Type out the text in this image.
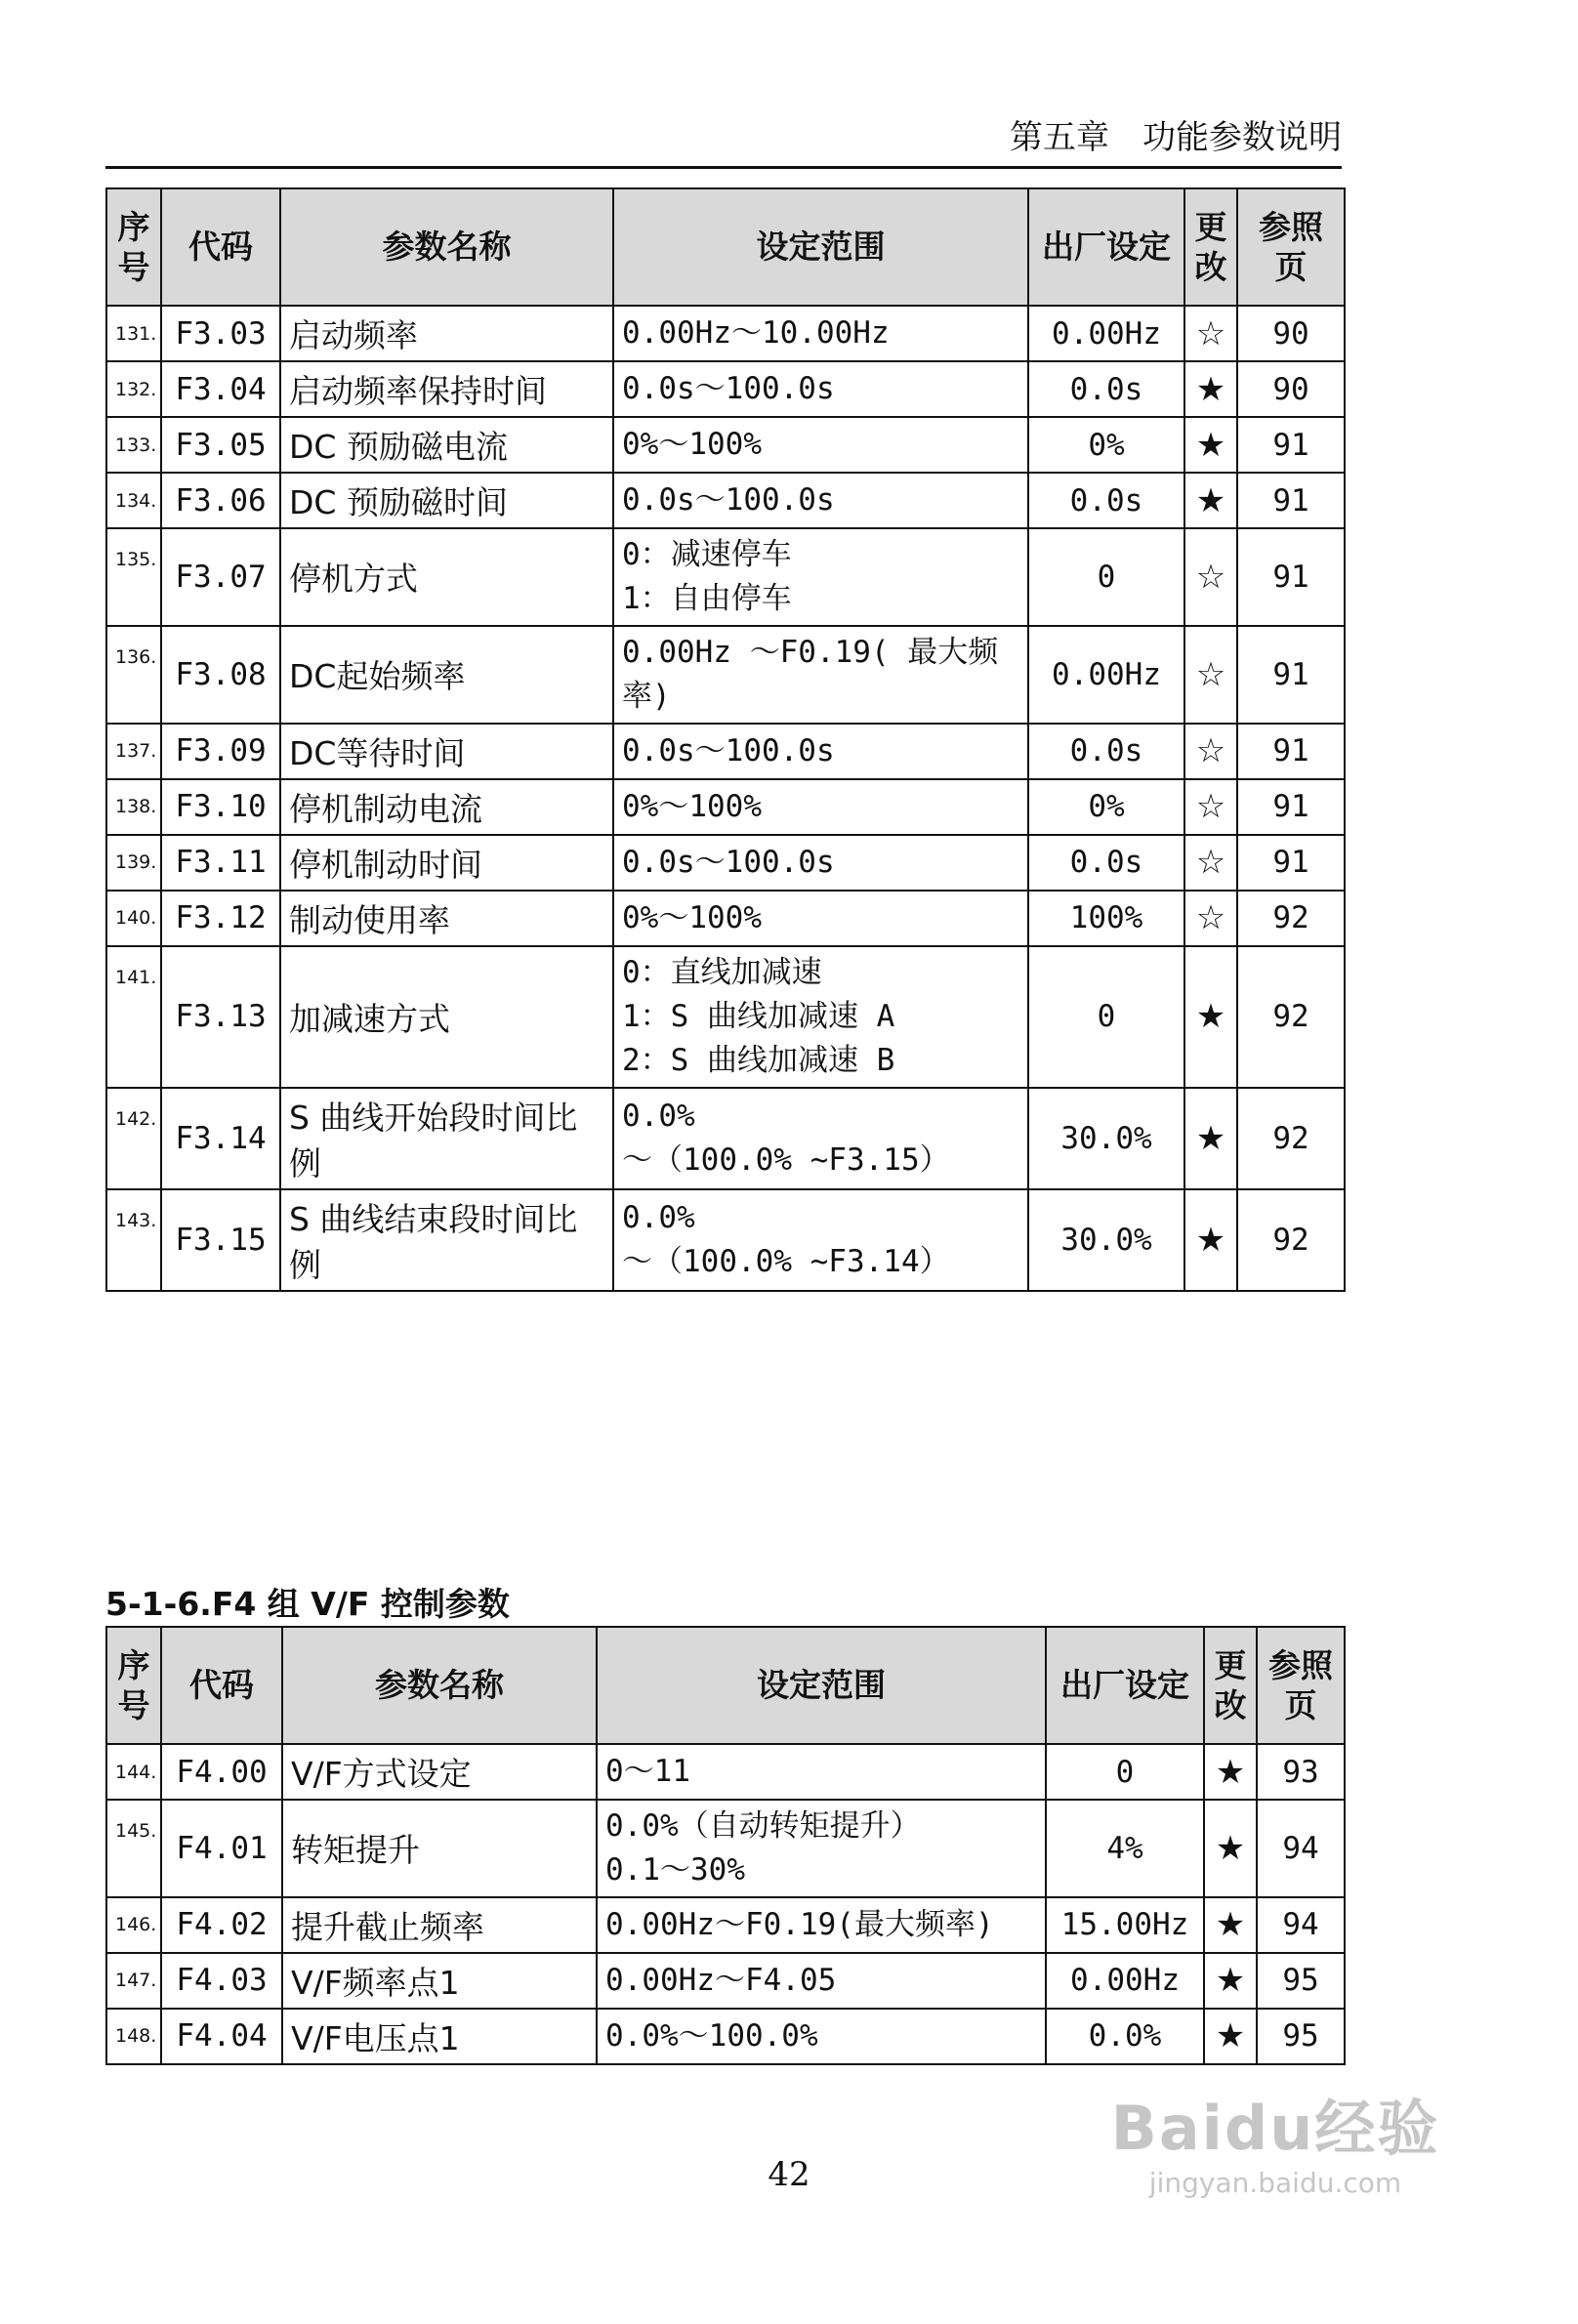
第五章　功能参数说明
序号	代码	参数名称	设定范围	出厂设定	更改	参照页
131.	F3.03	启动频率	0.00Hz～10.00Hz	0.00Hz	☆	90
132.	F3.04	启动频率保持时间	0.0s～100.0s	0.0s	★	90
133.	F3.05	DC 预励磁电流	0%～100%	0%	★	91
134.	F3.06	DC 预励磁时间	0.0s～100.0s	0.0s	★	91
135.	F3.07	停机方式	0：减速停车
1：自由停车	0	☆	91
136.	F3.08	DC起始频率	0.00Hz ～F0.19( 最大频率)	0.00Hz	☆	91
137.	F3.09	DC等待时间	0.0s～100.0s	0.0s	☆	91
138.	F3.10	停机制动电流	0%～100%	0%	☆	91
139.	F3.11	停机制动时间	0.0s～100.0s	0.0s	☆	91
140.	F3.12	制动使用率	0%～100%	100%	☆	92
141.	F3.13	加减速方式	0：直线加减速
1：S 曲线加减速 A
2：S 曲线加减速 B	0	★	92
142.	F3.14	S 曲线开始段时间比例	0.0%
～（100.0% ~F3.15）	30.0%	★	92
143.	F3.15	S 曲线结束段时间比例	0.0%
～（100.0% ~F3.14）	30.0%	★	92
5-1-6.F4 组 V/F 控制参数
序号	代码	参数名称	设定范围	出厂设定	更改	参照页
144.	F4.00	V/F方式设定	0～11	0	★	93
145.	F4.01	转矩提升	0.0%（自动转矩提升）
0.1～30%	4%	★	94
146.	F4.02	提升截止频率	0.00Hz～F0.19(最大频率)	15.00Hz	★	94
147.	F4.03	V/F频率点1	0.00Hz～F4.05	0.00Hz	★	95
148.	F4.04	V/F电压点1	0.0%～100.0%	0.0%	★	95
42
Baidu经验
jingyan.baidu.com
